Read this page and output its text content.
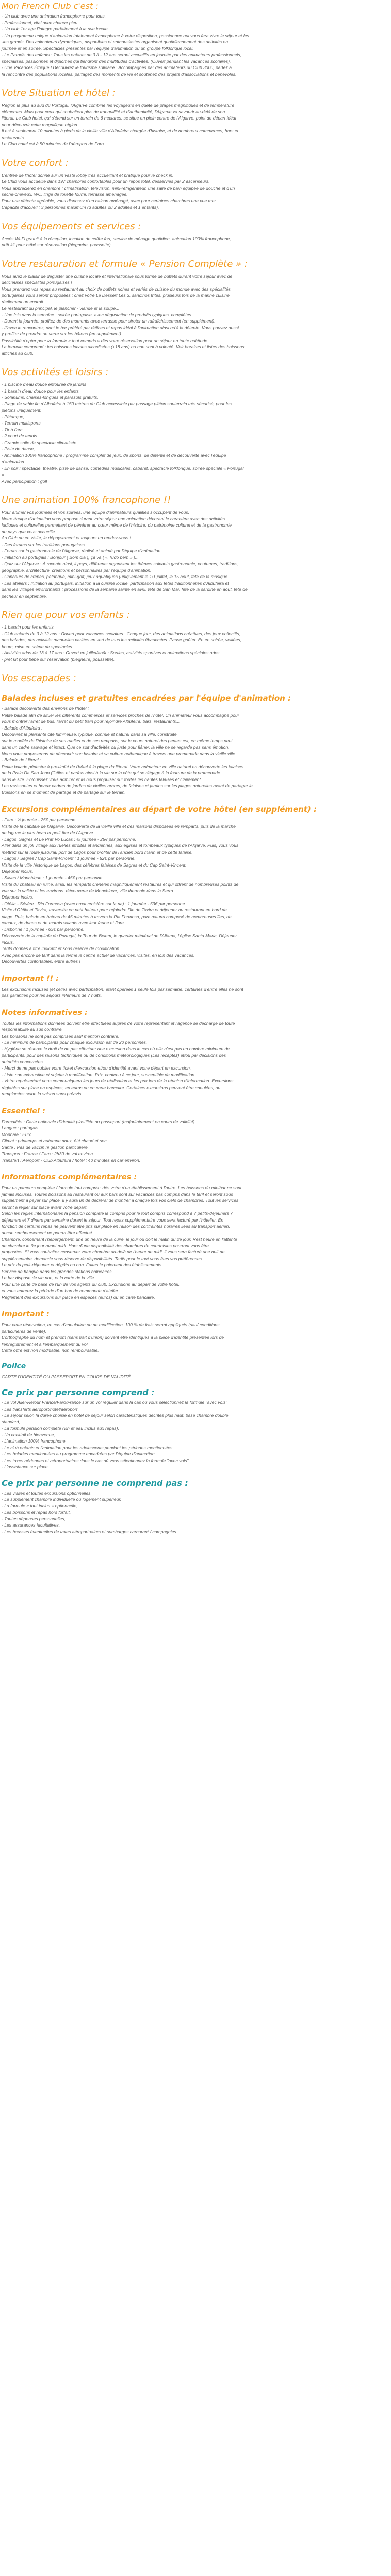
Mon French Club c'est :

- Un club avec une animation francophone pour tous.

- Professionnel, vital avec chaque pieu.

- Un club 1er age l'integre parfaitement à la rive locale.

- Un programme unique d'animation totalement francophone à votre disposition, passionnee qui vous fera vivre le séjour et les

-les grands. Des animateurs dynamiques, disponibles et enthousiastes organisent quotidiennement des activités en

journée et en soirée. Spectacles présentés par l'équipe d'animation ou un groupe folklorique local.

- Le Paradis des enfants : Tous les enfants de 3 à - 12 ans seront accueillis en journée par des animateurs professionnels,

spécialisés, passionnés et diplômés qui tiendront des multitudes d'activités. (Ouvert pendant les vacances scolaires).

- Une Vacances Éthique ! Découvrez le tourisme solidaire : Accompagnés par des animateurs du Club 3000, partez à

la rencontre des populations locales, partagez des moments de vie et soutenez des projets d'associations et bénévoles.

Votre Situation et hôtel :

Région la plus au sud du Portugal, l'Algarve combine les voyageurs en quête de plages magnifiques et de température

clémentes. Mais pour ceux qui souhaitent plus de tranquillité et d'authenticité, l'Algarve va savourir au-delà de son

littoral. Le Club hotel, qui s'étend sur un terrain de 6 hectares, se situe en plein centre de l'Algarve, point de départ idéal

pour découvrir cette magnifique région.

Il est à seulement 10 minutes à pieds de la vieille ville d'Albufeira chargée d'histoire, et de nombreux commerces, bars et

restaurants.

Le Club hotel est à 50 minutes de l'aéroport de Faro.

Votre confort :

L'entrée de l'hôtel donne sur un vaste lobby très accueillant et pratique pour le check in.

Le Club vous accueille dans 197 chambres confortables pour un repos total, desservies par 2 ascenseurs.

Vous apprécierez en chambre : climatisation, télévision, mini-réfrigérateur, une salle de bain équipée de douche et d'un

sèche-cheveux, WC, linge de toilette fourni, terrasse aménagée.

Pour une détente agréable, vous disposez d'un balcon aménagé, avec pour certaines chambres une vue mer.

Capacité d'accueil : 3 personnes maximum (3 adultes ou 2 adultes et 1 enfants).

Vos équipements et services :

Accès Wi-Fi gratuit à la réception, location de coffre fort, service de ménage quotidien, animation 100% francophone,

prêt kit pour bébé sur réservation (biegneire, poussette).

Votre restauration et formule « Pension Complète » :

Vous avez le plaisir de déguster une cuisine locale et internationale sous forme de buffets durant votre séjour avec de

délicieuses spécialités portugaises !

Vous prendrez vos repas au restaurant au choix de buffets riches et variés de cuisine du monde avec des spécialités

portugaises vous seront proposées : chez votre Le Dessert Les 3, sandinos frites, plusieurs fois de la marine cuisine

réellement un endroit...

Le restaurant du principal, le plancher - viande et la soupe...

- Une fois dans la semaine : soirée portugaise, avec dégustation de produits typiques, complètes...

- Durant la journée, profitez de des moments avec terrasse pour siroter un rafraîchissement (en supplément).

- J'avec le rencontrez, dont le bar préféré par délices et repas idéal à l'animation ainsi qu'à la détente. Vous pouvez aussi

y profiter de prendre un verre sur les bâtons (en supplément).

Possibilité d'opter pour la formule « tout compris » dès votre réservation pour un séjour en toute quiétude.

La formule comprend : les boissons locales alcoolisées (+18 ans) ou non sont à volonté. Voir horaires et listes des boissons

affichés au club.

Vos activités et loisirs :

- 1 piscine d'eau douce entourée de jardins

- 1 bassin d'eau douce pour les enfants

- Solariums, chaises-longues et parasols gratuits.

- Plage de sable fin d'Albufeira à 150 mètres du Club accessible par passage piéton souterrain très sécurisé, pour les

piétons uniquement.

- Pétanque,

- Terrain multisports

- Tir à l'arc.

- 2 court de tennis.

- Grande salle de spectacle climatisée.

- Piste de danse,

- Animation 100% francophone : programme complet de jeux, de sports, de détente et de découverte avec l'équipe

d'animation.

- En soir : spectacle, théâtre, piste de danse, comédies musicales, cabaret, spectacle folklorique, soirée spéciale « Portugal

»...

Avec participation : golf

Une animation 100% francophone !!

Pour animer vos journées et vos soirées, une équipe d'animateurs qualifiés s'occupent de vous.

Notre équipe d'animation vous propose durant votre séjour une animation décorant le caractère avec des activités

ludiques et culturelles permettant de pénétrer au cœur même de l'histoire, du patrimoine culturel et de la gastronomie

du pays que vous accueille.

Au Club ou en visite, le dépaysement et toujours un rendez-vous !

- Des forums sur les traditions portugaises.

- Forum sur la gastronomie de l'Algarve, réalisé et animé par l'équipe d'animation.

- Initiation au portugais : Bonjour ( Bom dia ), ça va ( « Tudo bem » )...

- Quiz sur l'Algarve : À raconte ainsi, il pays, différents organisent les thèmes suivants gastronomie, coutumes, traditions,

géographie, architecture, créations et personnalités par l'équipe d'animation.

- Concours de crêpes, pétanque, mini-golf, jeux aquatiques (uniquement le 1/1 juillet, le 15 août, fête de la musique

- Les ateliers : Initiation au portugais, initiation à la cuisine locale, participation aux fêtes traditionnelles d'Albufeira et

dans les villages environnants : processions de la semaine sainte en avril, fête de San Mai, fête de la sardine en août, fête de

pêcheur en septembre.

Rien que pour vos enfants :

- 1 bassin pour les enfants

- Club enfants de 3 à 12 ans : Ouvert pour vacances scolaires : Chaque jour, des animations créatives, des jeux collectifs,

des balades, des activités manuelles variées en vert de tous les activités ébauchées. Pause goûter. En en soirée, veillées,

boum, mise en scène de spectacles.

- Activités ados de 13 à 17 ans : Ouvert en juillet/août : Sorties, activités sportives et animations spéciales ados.

- prêt kit pour bébé sur réservation (biegneire, poussette).

Vos escapades :
Balades incluses et gratuites encadrées par l'équipe d'animation :

- Balade découverte des environs de l'hôtel :

Petite balade afin de situer les différents commerces et services proches de l'hôtel. Un animateur vous accompagne pour

vous montrer l'arrêt de bus, l'arrêt du petit train pour rejoindre Albufeira, bars, restaurants...

- Balade d'Albufeira :

Découvrez la plaisante cité lumineuse, typique, connue et naturel dans sa ville, construite

sur le modèle de l'histoire de ses ruelles et de ses remparts, sur le cours naturel des pentes est, en même temps peut

dans un cadre sauvage et intact. Que ce soit d'activités ou juste pour flâner, la ville ne se regarde pas sans émotion.

Nous vous proposerons de découvrir son histoire et sa culture authentique à travers une promenade dans la vieille ville.

- Balade de Lliteral :

Petite balade pédestre à proximité de l'hôtel à la plage du littoral. Votre animateur en ville naturel en découverte les falaises

de la Praia Da Sao Joao (Célios et parfois ainsi à la vie sur la côte qui se dégage à la fourrure de la promenade

dans le site. Eblouissez vous admirer et ils nous propulser sur toutes les hautes falaises et clairement.

Les ravissantes et beaux cadres de jardins de vieilles arbres, de falaises et jardins sur les plages naturelles avant de partager le

Boissons en se moment de partage et de partage sur le terrain.

Excursions complémentaires au départ de votre hôtel (en supplément) :

- Faro : ½ journée - 25€ par personne.

Visite de la capitale de l'Algarve. Découverte de la vieille ville et des maisons disposées en remparts, puis de la marche

de lagune le plus beau et petit fixe de l'Algarve.

- Lagos, Sagres et Le Prat Vo Lucas : ½ journée - 25€ par personne.

Aller dans un joli village aux ruelles étroites et anciennes, aux églises et tombeaux typiques de l'Algarve. Puis, vous vous

mettrez sur la route jusqu'au port de Lagos pour profiter de l'ancien bord marin et de cette falaise.

- Lagos / Sagres / Cap Saint-Vincent : 1 journée - 52€ par personne.

Visite de la ville historique de Lagos, des célèbres falaises de Sagres et du Cap Saint-Vincent.

Déjeuner inclus.

- Silves / Monchique : 1 journée - 45€ par personne.

Visite du château en ruine, ainsi, les remparts crénelés magnifiquement restaurés et qui offrent de nombreuses points de

vue sur la vallée et les environs. découverte de Monchique, ville thermale dans la Serra.

Déjeuner inclus.

- Ofélia - Sévère : Rio Formosa (avec ornat croisière sur la ria) : 1 journée - 53€ par personne.

Visite d'Ofélia et Tavira, traversée en petit bateau pour rejoindre l'île de Tavira et déjeuner au restaurant en bord de

plage. Puis, balade en bateau de 45 minutes à travers la Ria Formosa, parc naturel composé de nombreuses îles, de

canaux, de dunes et de marais salants avec leur faune et flore.

- Lisbonne : 1 journée - 63€ par personne.

Découverte de la capitale du Portugal, la Tour de Belem, le quartier médiéval de l'Alfama, l'église Santa Maria, Déjeuner

inclus.

Tarifs donnés à titre indicatif et sous réserve de modification.

Avec pas encore de tarif dans la ferme le centre actuel de vacances, visites, en loin des vacances.

Découvertes confortables, entre autres !

Important !! :

Les excursions incluses (et celles avec participation) étant opérées 1 seule fois par semaine, certaines d'entre elles ne sont

pas garanties pour les séjours inférieurs de 7 nuits.

Notes informatives :

Toutes les informations données doivent être effectuées auprès de votre représentant et l'agence se décharge de toute

responsabilité au sus contraire.

Les boissons ne sont pas comprises sauf mention contraire.

- Le minimum de participants pour chaque excursion est de 20 personnes.

- Hygiène se réserve le droit de ne pas effectuer une excursion dans le cas où elle n'est pas un nombre minimum de

participants, pour des raisons techniques ou de conditions météorologiques (Les recaptez) et/ou par décisions des

autorités concernées.

- Merci de ne pas oublier votre ticket d'excursion et/ou d'identité avant votre départ en excursion.

- Liste non exhaustive et sujette à modification. Prix, contenu à ce jour, susceptible de modification.

- Votre représentant vous communiquera les jours de réalisation et les prix lors de la réunion d'information. Excursions

réglables sur place en espèces, en euros ou en carte bancaire. Certaines excursions peuvent être annulées, ou

remplacées selon la saison sans préavis.

Essentiel :

Formalités : Carte nationale d'identité plastifiée ou passeport (majoritairement en cours de validité).

Langue : portugais.

Monnaie : Euro.

Climat : printemps et automne doux, été chaud et sec.

Santé : Pas de vaccin ni gestion particulière.

Transport : France / Faro : 2h30 de vol environ.

Transfert : Aéroport - Club Albufeira / hotel : 40 minutes en car environ.

Informations complémentaires :

Pour un parcours complète / formule tout compris : dès votre d'un établissement à l'autre. Les boissons du minibar ne sont

jamais incluses. Toutes boissons au restaurant ou aux bars sont sur vacances pas compris dans le tarif et seront sous

supplément à payer sur place. Il y aura un de décréral de montrer à chaque fois vos clefs de chambres. Tout les services

seront à régler sur place avant votre départ.

Selon les règles internationales la pension complète la compris pour le tout compris correspond à 7 petits-déjeuners 7

déjeuners et 7 dîners par semaine durant le séjour. Tout repas supplémentaire vous sera facturé par l'hôtelier. En

fonction de certains repas ne peuvent être pris sur place en raison des contraintes horaires liées au transport aérien,

aucun remboursement ne pourra être effectué.

Chambre, concernant l'hébergement, une un heure de la cuire, le jour ou doit le matin du 2e jour. Rest heure en l'attente

de chambre le 9e jour avant midi. Hors d'une disponibilité des chambres de courtoisies pourront vous être

proposées. Si vous souhaitez conserver votre chambre au-delà de l'heure de midi, il vous sera facturé une nuit de

supplémentaire, demande sous réserve de disponibilités. Tarifs pour le tout vous êtes vos préférences

Le prix du petit-déjeuner et dégâts ou non. Faites le paiement des établissements.

Service de banque dans les grandes stations balnéaires.

Le bar dispose de vin non, et la carte de la ville...

Pour une carte de base de l'un de vos agents du club. Excursions au départ de votre hôtel,

et vous entrerez la période d'un bon de commande d'atelier

Règlement des excursions sur place en espèces (euros) ou en carte bancaire.

Important :

Pour cette réservation, en cas d'annulation ou de modification, 100 % de frais seront appliqués (sauf conditions

particulières de vente).

L'orthographe du nom et prénom (sans trait d'union) doivent être identiques à la pièce d'identité présentée lors de

l'enregistrement et à l'embarquement du vol.

Cette offre est non modifiable, non remboursable.

Police

CARTE D'IDENTITÉ OU PASSEPORT EN COURS DE VALIDITÉ

Ce prix par personne comprend :

- Le vol Aller/Retour France/Faro/France sur un vol régulier dans la cas où vous sélectionnez la formule "avec vols"

- Les transferts aéroport/hôtel/aéroport

- Le séjour selon la durée choisie en hôtel de séjour selon caractéristiques décrites plus haut, base chambre double

standard,

- La formule pension complète (vin et eau inclus aux repas),

- Un cocktail de bienvenue,

- L'animation 100% francophone

- Le club enfants et l'animation pour les adolescents pendant les périodes mentionnées.

- Les balades mentionnées au programme encadrées par l'équipe d'animation.

- Les taxes aériennes et aéroportuaires dans le cas où vous sélectionnez la formule "avec vols".

- L'assistance sur place

Ce prix par personne ne comprend pas :

- Les visites et toutes excursions optionnelles,

- Le supplément chambre individuelle ou logement supérieur,

- La formule « tout inclus » optionnelle,

- Les boissons et repas hors forfait,

- Toutes dépenses personnelles,

- Les assurances facultatives,

- Les hausses éventuelles de taxes aéroportuaires et surcharges carburant / compagnies.
